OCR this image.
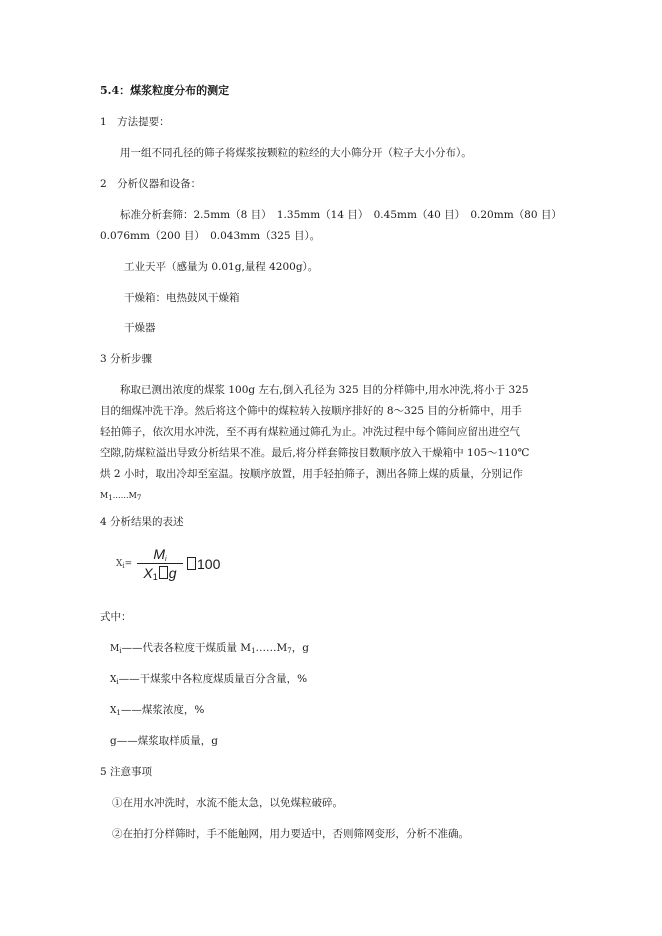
5.4：煤浆粒度分布的测定
1　方法提要：
用一组不同孔径的筛子将煤浆按颗粒的粒经的大小筛分开（粒子大小分布）。
2　分析仪器和设备：
标准分析套筛：2.5mm（8 目）　1.35mm（14 目）　0.45mm（40 目）　0.20mm（80 目）
0.076mm（200 目）　0.043mm（325 目）。
工业天平（感量为 0.01g,量程 4200g）。
干燥箱：电热鼓风干燥箱
干燥器
3 分析步骤
称取已测出浓度的煤浆 100g 左右,倒入孔径为 325 目的分样筛中,用水冲洗,将小于 325
目的细煤冲洗干净。然后将这个筛中的煤粒转入按顺序排好的 8～325 目的分析筛中，用手
轻拍筛子，依次用水冲洗，至不再有煤粒通过筛孔为止。冲洗过程中每个筛间应留出进空气
空隙,防煤粒溢出导致分析结果不准。最后,将分样套筛按目数顺序放入干燥箱中 105～110℃
烘 2 小时，取出冷却至室温。按顺序放置，用手轻拍筛子，测出各筛上煤的质量，分别记作
$M_1\dots\dots M_7$
4 分析结果的表述
$X_i=$
$M_i$
$X_1$ g
100
式中：
$M_i——$代表各粒度干煤质量 $M_1\dots\dots M_7$，g
$X_i——$干煤浆中各粒度煤质量百分含量，%
$X_1——$煤浆浓度，%
g——煤浆取样质量，g
5 注意事项
①在用水冲洗时，水流不能太急，以免煤粒破碎。
②在拍打分样筛时，手不能触网，用力要适中，否则筛网变形，分析不准确。
